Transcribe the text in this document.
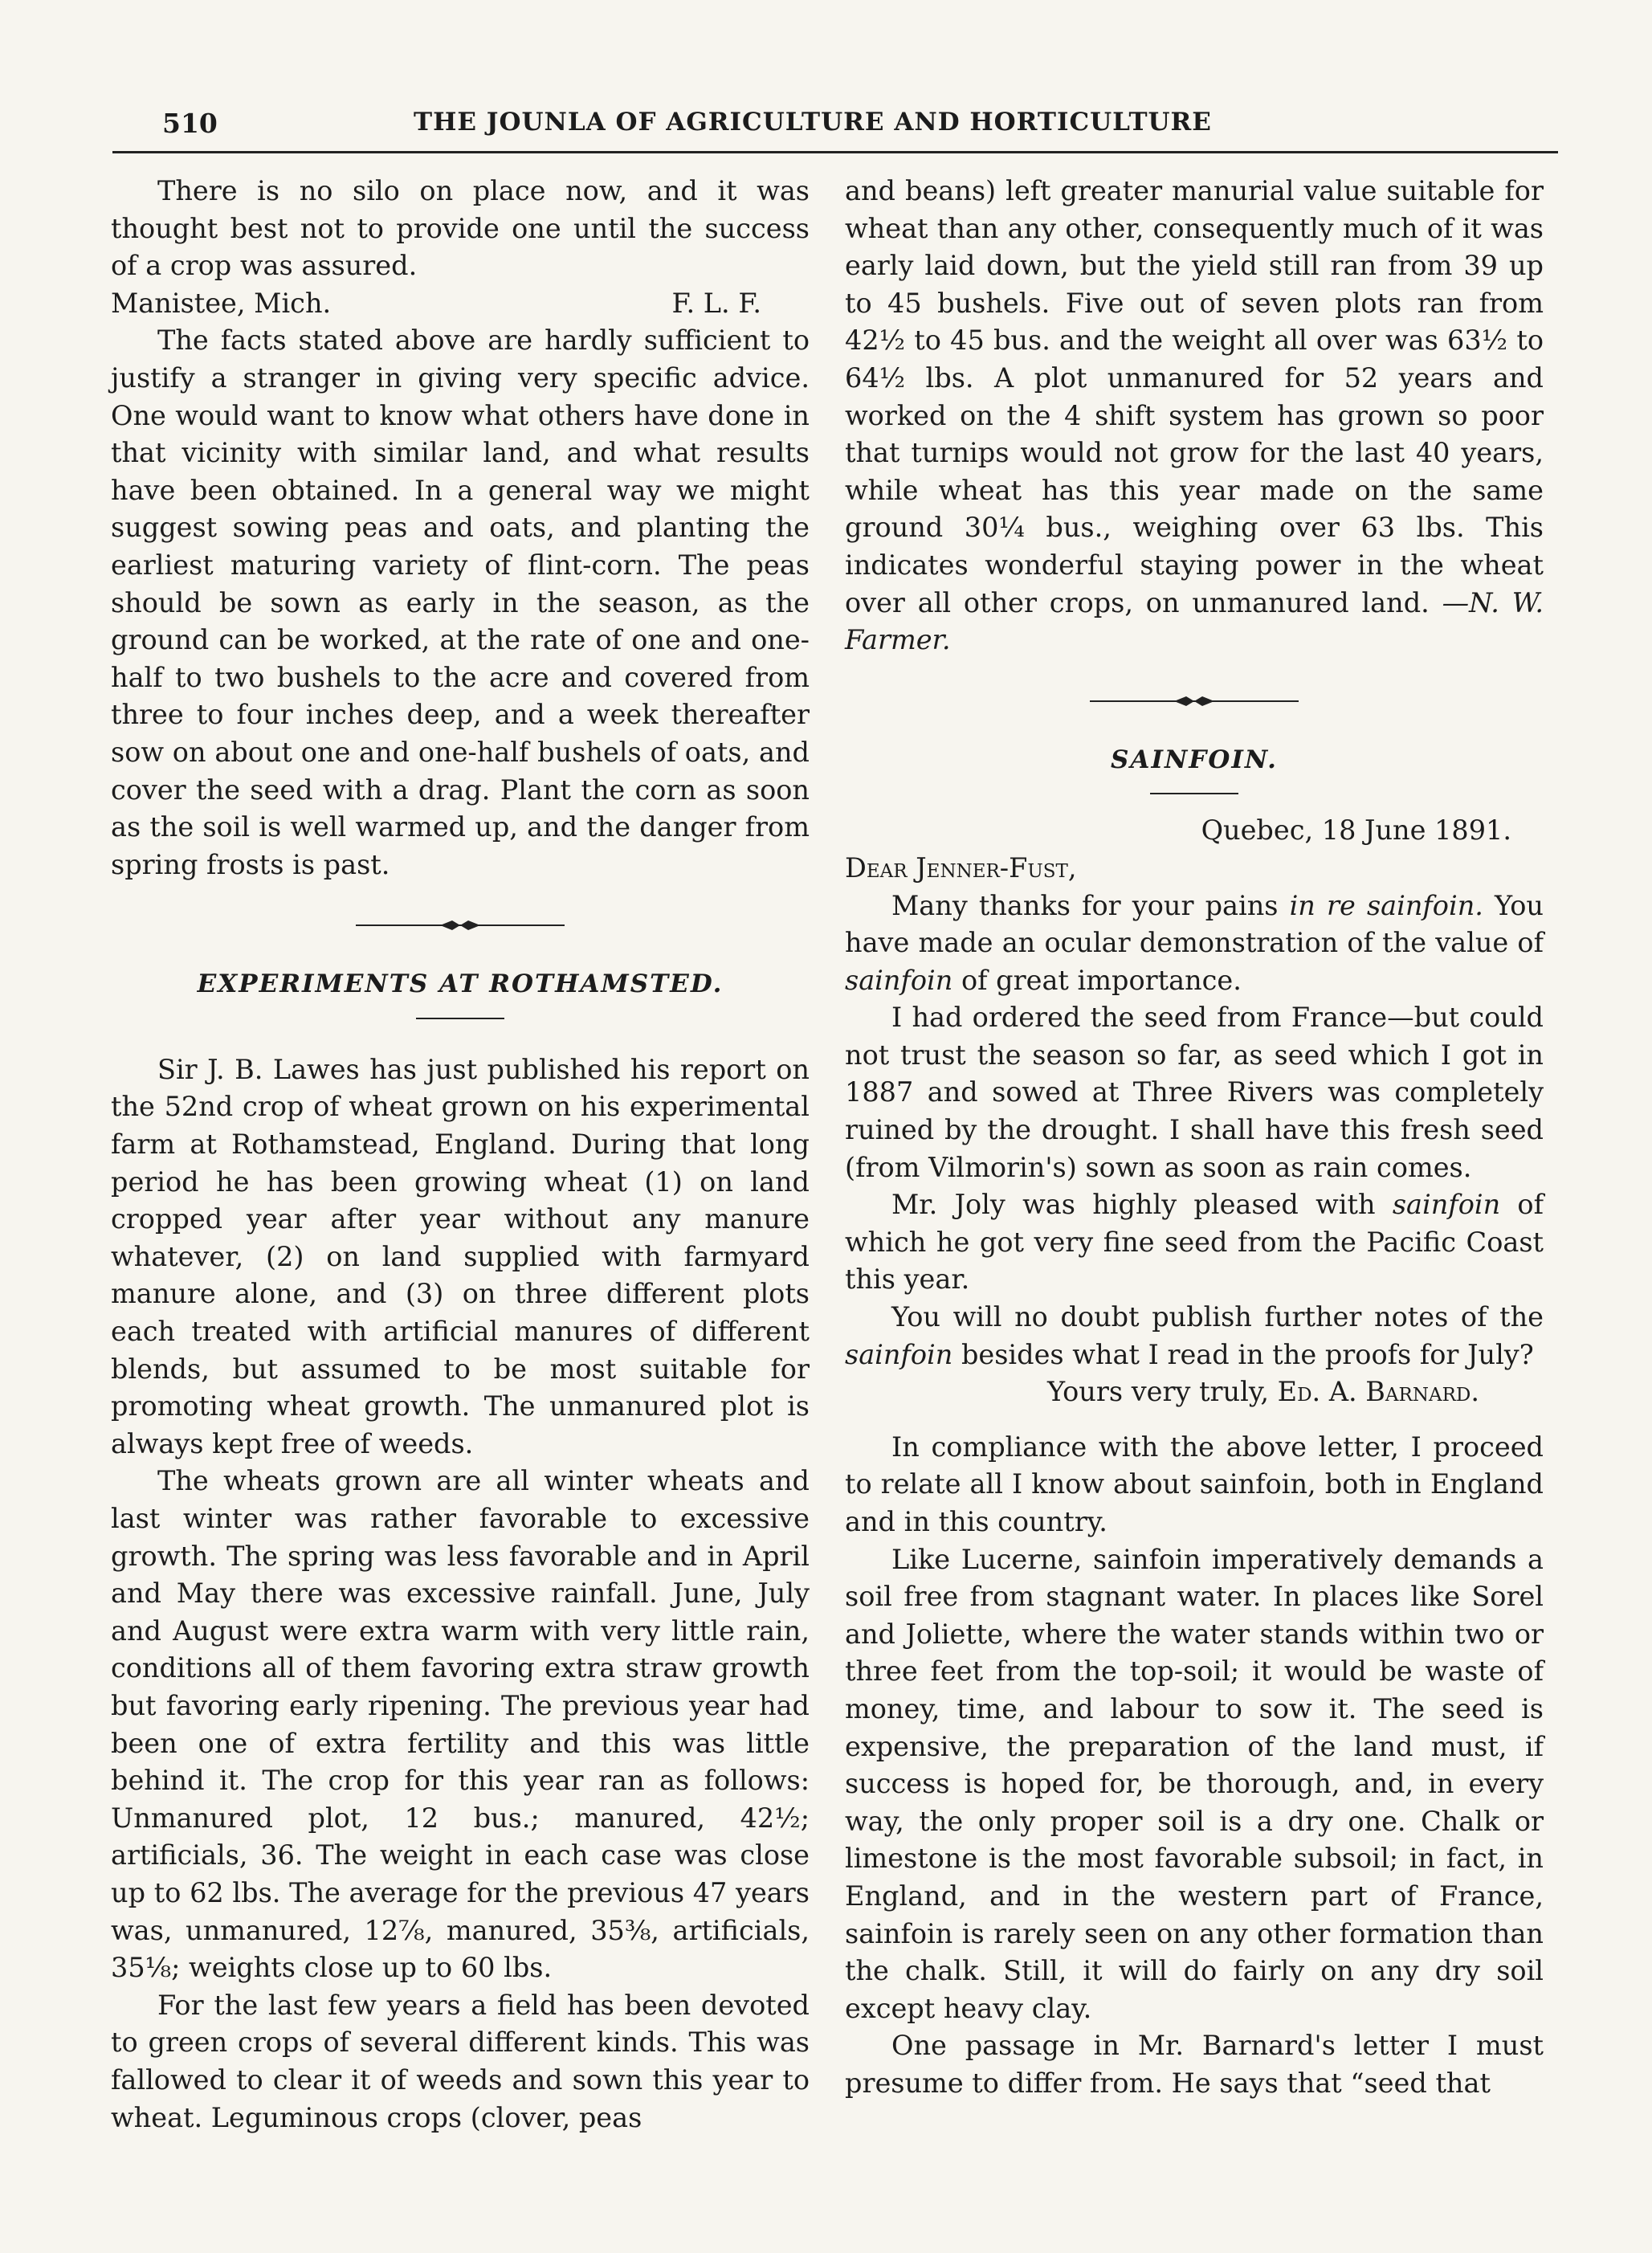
510	THE JOUNLA OF AGRICULTURE AND HORTICULTURE

There is no silo on place now, and it was thought best not to provide one until the success of a crop was assured.

Manistee, Mich.	F. L. F.

The facts stated above are hardly sufficient to justify a stranger in giving very specific advice. One would want to know what others have done in that vicinity with similar land, and what results have been obtained. In a general way we might suggest sowing peas and oats, and planting the earliest maturing variety of flint-corn. The peas should be sown as early in the season, as the ground can be worked, at the rate of one and one-half to two bushels to the acre and covered from three to four inches deep, and a week thereafter sow on about one and one-half bushels of oats, and cover the seed with a drag. Plant the corn as soon as the soil is well warmed up, and the danger from spring frosts is past.

EXPERIMENTS AT ROTHAMSTED.

Sir J. B. Lawes has just published his report on the 52nd crop of wheat grown on his experimental farm at Rothamstead, England. During that long period he has been growing wheat (1) on land cropped year after year without any manure whatever, (2) on land supplied with farmyard manure alone, and (3) on three different plots each treated with artificial manures of different blends, but assumed to be most suitable for promoting wheat growth. The unmanured plot is always kept free of weeds.

The wheats grown are all winter wheats and last winter was rather favorable to excessive growth. The spring was less favorable and in April and May there was excessive rainfall. June, July and August were extra warm with very little rain, conditions all of them favoring extra straw growth but favoring early ripening. The previous year had been one of extra fertility and this was little behind it. The crop for this year ran as follows: Unmanured plot, 12 bus.; manured, 42½; artificials, 36. The weight in each case was close up to 62 lbs. The average for the previous 47 years was, unmanured, 12⅞, manured, 35⅜, artificials, 35⅛; weights close up to 60 lbs.

For the last few years a field has been devoted to green crops of several different kinds. This was fallowed to clear it of weeds and sown this year to wheat. Leguminous crops (clover, peas

and beans) left greater manurial value suitable for wheat than any other, consequently much of it was early laid down, but the yield still ran from 39 up to 45 bushels. Five out of seven plots ran from 42½ to 45 bus. and the weight all over was 63½ to 64½ lbs. A plot unmanured for 52 years and worked on the 4 shift system has grown so poor that turnips would not grow for the last 40 years, while wheat has this year made on the same ground 30¼ bus., weighing over 63 lbs. This indicates wonderful staying power in the wheat over all other crops, on unmanured land. —N. W. Farmer.

SAINFOIN.
Quebec, 18 June 1891.
Dear Jenner-Fust,

Many thanks for your pains in re sainfoin. You have made an ocular demonstration of the value of sainfoin of great importance.

I had ordered the seed from France—but could not trust the season so far, as seed which I got in 1887 and sowed at Three Rivers was completely ruined by the drought. I shall have this fresh seed (from Vilmorin's) sown as soon as rain comes.

Mr. Joly was highly pleased with sainfoin of which he got very fine seed from the Pacific Coast this year.

You will no doubt publish further notes of the sainfoin besides what I read in the proofs for July?

Yours very truly, Ed. A. Barnard.

In compliance with the above letter, I proceed to relate all I know about sainfoin, both in England and in this country.

Like Lucerne, sainfoin imperatively demands a soil free from stagnant water. In places like Sorel and Joliette, where the water stands within two or three feet from the top-soil; it would be waste of money, time, and labour to sow it. The seed is expensive, the preparation of the land must, if success is hoped for, be thorough, and, in every way, the only proper soil is a dry one. Chalk or limestone is the most favorable subsoil; in fact, in England, and in the western part of France, sainfoin is rarely seen on any other formation than the chalk. Still, it will do fairly on any dry soil except heavy clay.

One passage in Mr. Barnard's letter I must presume to differ from. He says that “seed that
